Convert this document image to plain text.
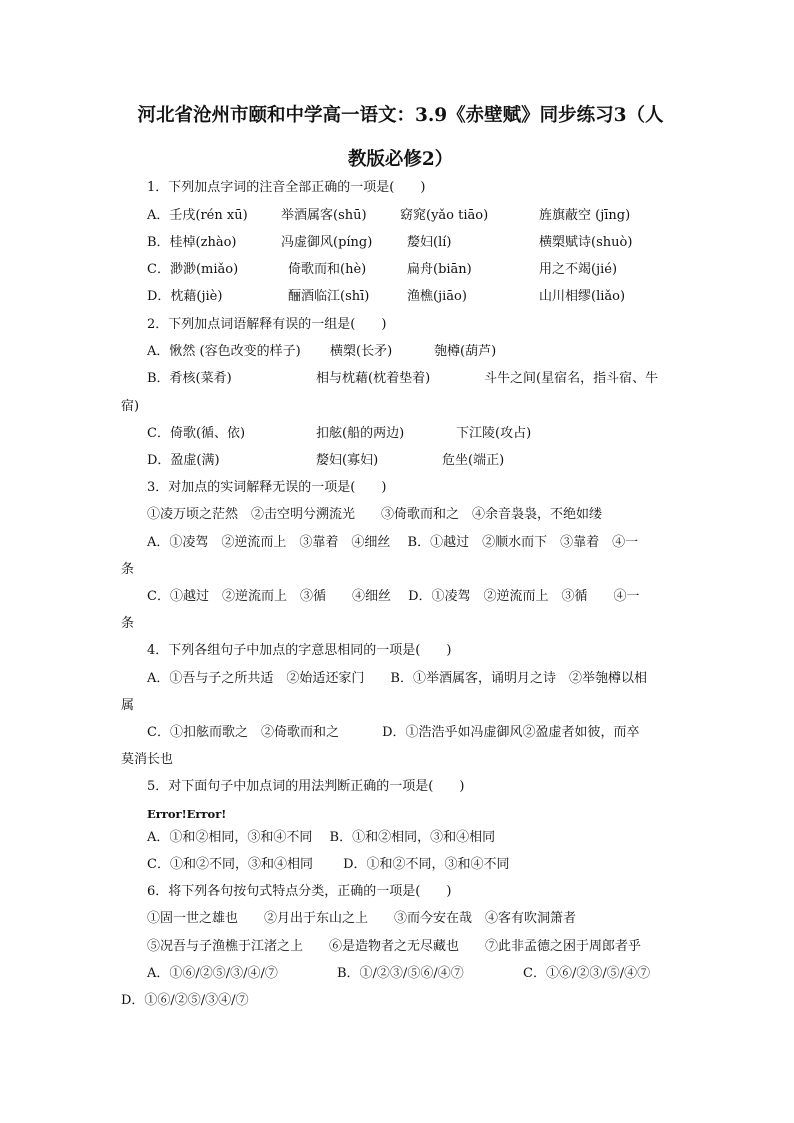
河北省沧州市颐和中学高一语文：3.9《赤壁赋》同步练习3（人
教版必修2）
1．下列加点字词的注音全部正确的一项是(　　)
A．壬戌(rén xū)	举酒属客(shū)	窈窕(yǎo tiāo)	旌旗蔽空 (jīng)
B．桂棹(zhào)	冯虚御风(píng)	嫠妇(lí)	横槊赋诗(shuò)
C．渺渺(miǎo)	倚歌而和(hè)	扁舟(biān)	用之不竭(jié)
D．枕藉(jiè)	酾酒临江(shī)	渔樵(jiāo)	山川相缪(liǎo)
2．下列加点词语解释有误的一组是(　　)
A．愀然 (容色改变的样子) 横槊(长矛)	匏樽(葫芦)
B．肴核(菜肴)	相与枕藉(枕着垫着)	斗牛之间(星宿名，指斗宿、牛
宿)
C．倚歌(循、依)	扣舷(船的两边)	下江陵(攻占)
D．盈虚(满)	嫠妇(寡妇)	危坐(端正)
3．对加点的实词解释无误的一项是(　　)
①凌万顷之茫然　②击空明兮溯流光　　③倚歌而和之　④余音袅袅，不绝如缕
A．①凌驾　②逆流而上　③靠着　④细丝　 B．①越过　②顺水而下　③靠着　④一
条
C．①越过　②逆流而上　③循　　④细丝　 D．①凌驾　②逆流而上　③循　　④一
条
4．下列各组句子中加点的字意思相同的一项是(　　)
A．①吾与子之所共适　②始适还家门　　B．①举酒属客，诵明月之诗　②举匏樽以相
属
C．①扣舷而歌之　②倚歌而和之　　　 D．①浩浩乎如冯虚御风②盈虚者如彼，而卒
莫消长也
5．对下面句子中加点词的用法判断正确的一项是(　　)
Error!Error!
A．①和②相同，③和④不同　 B．①和②相同，③和④相同
C．①和②不同，③和④相同　　 D．①和②不同，③和④不同
6．将下列各句按句式特点分类，正确的一项是(　　)
①固一世之雄也　　②月出于东山之上　　③而今安在哉　④客有吹洞箫者
⑤况吾与子渔樵于江渚之上　　⑥是造物者之无尽藏也　　⑦此非孟德之困于周郎者乎
A．①⑥/②⑤/③/④/⑦	B．①/②③/⑤⑥/④⑦	C．①⑥/②③/⑤/④⑦
D．①⑥/②⑤/③④/⑦
